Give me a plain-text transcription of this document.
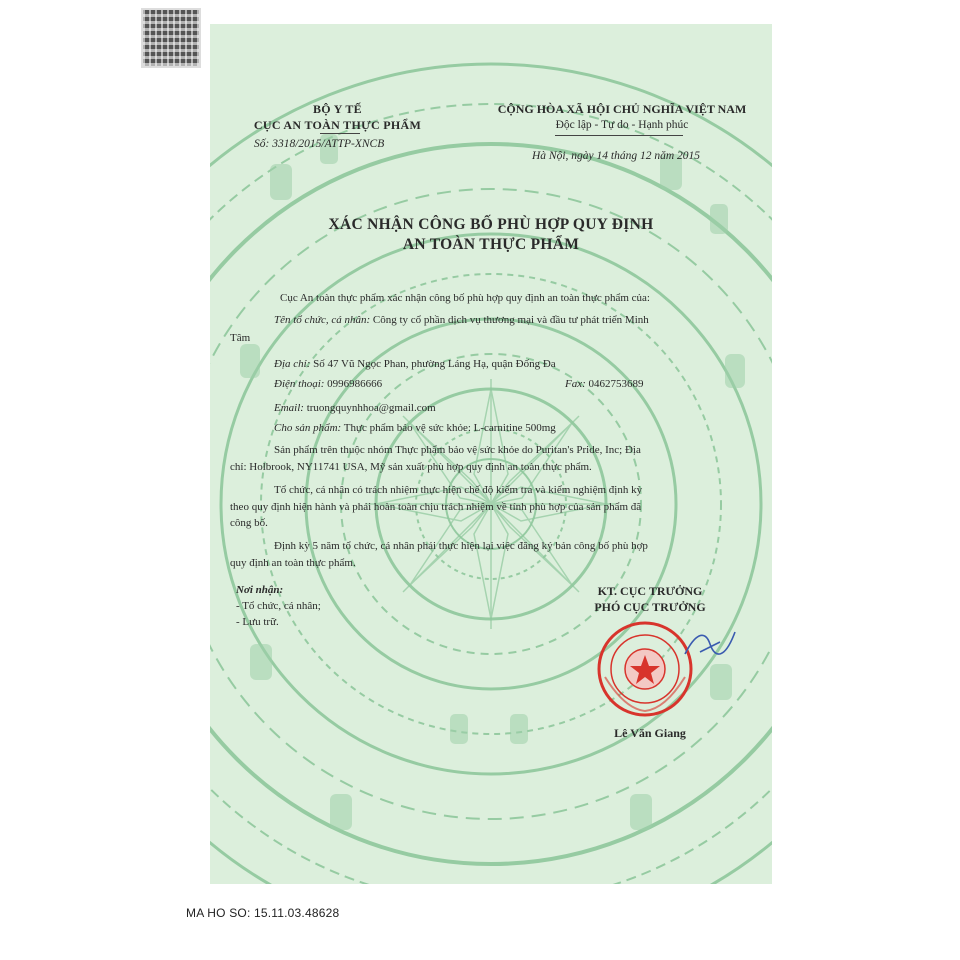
BỘ Y TẾ
CỤC AN TOÀN THỰC PHẨM
Số: 3318/2015/ATTP-XNCB
CỘNG HÒA XÃ HỘI CHỦ NGHĨA VIỆT NAM
Độc lập - Tự do - Hạnh phúc
Hà Nội, ngày 14 tháng 12 năm 2015
XÁC NHẬN CÔNG BỐ PHÙ HỢP QUY ĐỊNH
AN TOÀN THỰC PHẨM
Cục An toàn thực phẩm xác nhận công bố phù hợp quy định an toàn thực phẩm của:
Tên tổ chức, cá nhân: Công ty cổ phần dịch vụ thương mại và đầu tư phát triển Minh
Tâm
Địa chỉ: Số 47 Vũ Ngọc Phan, phường Láng Hạ, quận Đống Đa
Điện thoại: 0996986666	Fax: 0462753689
Email: truongquynhhoa@gmail.com
Cho sản phẩm: Thực phẩm bảo vệ sức khỏe: L-carnitine 500mg
Sản phẩm trên thuộc nhóm Thực phẩm bảo vệ sức khỏe do Puritan's Pride, Inc; Địa
chỉ: Holbrook, NY11741 USA, Mỹ sản xuất phù hợp quy định an toàn thực phẩm.
Tổ chức, cá nhân có trách nhiệm thực hiện chế độ kiểm tra và kiểm nghiệm định kỳ
theo quy định hiện hành và phải hoàn toàn chịu trách nhiệm về tính phù hợp của sản phẩm đã
công bố.
Định kỳ 5 năm tổ chức, cá nhân phải thực hiện lại việc đăng ký bản công bố phù hợp
quy định an toàn thực phẩm.
Nơi nhận:
- Tổ chức, cá nhân;
- Lưu trữ.
KT. CỤC TRƯỞNG
PHÓ CỤC TRƯỞNG
Lê Văn Giang
MA HO SO: 15.11.03.48628
